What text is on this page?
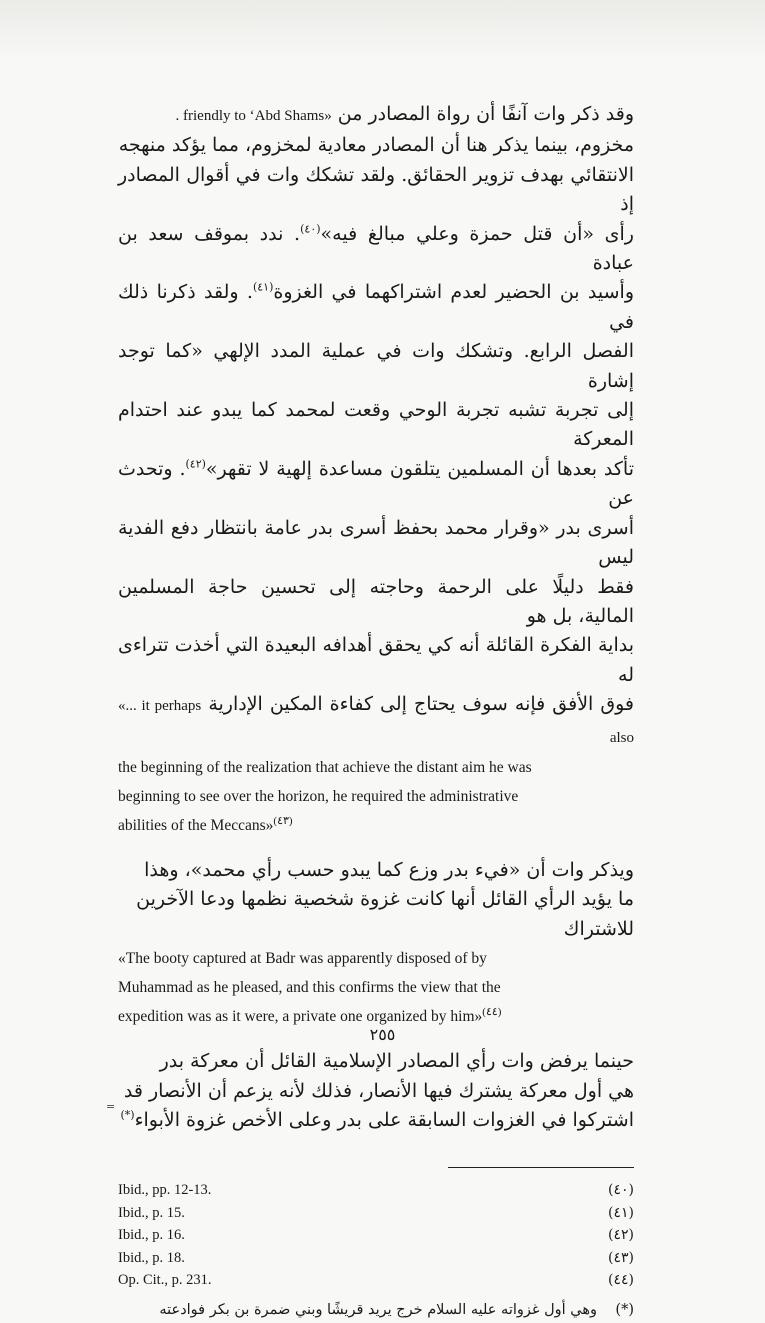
وقد ذكر وات آنفًا أن رواة المصادر من . friendly to ‘Abd Shams»
مخزوم، بينما يذكر هنا أن المصادر معادية لمخزوم، مما يؤكد منهجه
الانتقائي بهدف تزوير الحقائق. ولقد تشكك وات في أقوال المصادر إذ
رأى «أن قتل حمزة وعلي مبالغ فيه»$^{(٤٠)}$. ندد بموقف سعد بن عبادة
وأسيد بن الحضير لعدم اشتراكهما في الغزوة$^{(٤١)}$. ولقد ذكرنا ذلك في
الفصل الرابع. وتشكك وات في عملية المدد الإلهي «كما توجد إشارة
إلى تجربة تشبه تجربة الوحي وقعت لمحمد كما يبدو عند احتدام المعركة
تأكد بعدها أن المسلمين يتلقون مساعدة إلهية لا تقهر»$^{(٤٢)}$. وتحدث عن
أسرى بدر «وقرار محمد بحفظ أسرى بدر عامة بانتظار دفع الفدية ليس
فقط دليلًا على الرحمة وحاجته إلى تحسين حاجة المسلمين المالية، بل هو
بداية الفكرة القائلة أنه كي يحقق أهدافه البعيدة التي أخذت تتراءى له
فوق الأفق فإنه سوف يحتاج إلى كفاءة المكين الإدارية «... it perhaps also

the beginning of the realization that achieve the distant aim he was
beginning to see over the horizon, he required the administrative
abilities of the Meccans»$^{(٤٣)}$

ويذكر وات أن «فيء بدر وزع كما يبدو حسب رأي محمد»، وهذا
ما يؤيد الرأي القائل أنها كانت غزوة شخصية نظمها ودعا الآخرين
للاشتراك

«The booty captured at Badr was apparently disposed of by
Muhammad as he pleased, and this confirms the view that the
expedition was as it were, a private one organized by him»$^{(٤٤)}$

حينما يرفض وات رأي المصادر الإسلامية القائل أن معركة بدر
هي أول معركة يشترك فيها الأنصار، فذلك لأنه يزعم أن الأنصار قد
اشتركوا في الغزوات السابقة على بدر وعلى الأخص غزوة الأبواء(*)

Ibid., pp. 12-13.	(٤٠)
Ibid., p. 15.	(٤١)
Ibid., p. 16.	(٤٢)
Ibid., p. 18.	(٤٣)
Op. Cit., p. 231.	(٤٤)
(*)    وهي أول غزواته عليه السلام خرج يريد قريشًا وبني ضمرة بن بكر فوادعته
٢٥٥
=
